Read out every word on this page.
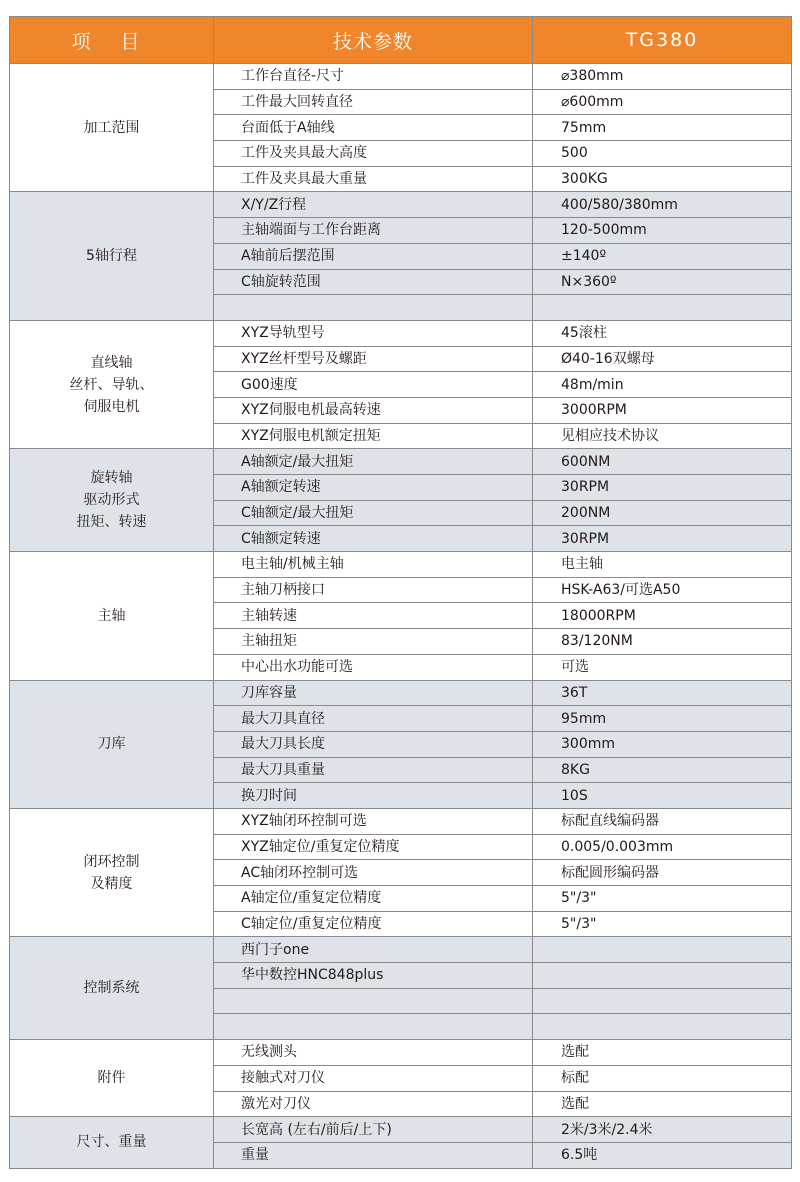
项 目	技术参数	TG380

加工范围	工作台直径-尺寸	⌀380mm
	工件最大回转直径	⌀600mm
	台面低于A轴线	75mm
	工件及夹具最大高度	500
	工件及夹具最大重量	300KG

5轴行程	X/Y/Z行程	400/580/380mm
	主轴端面与工作台距离	120-500mm
	A轴前后摆范围	±140º
	C轴旋转范围	N×360º

直线轴
丝杆、导轨、
伺服电机	XYZ导轨型号	45滚柱
	XYZ丝杆型号及螺距	Ø40-16双螺母
	G00速度	48m/min
	XYZ伺服电机最高转速	3000RPM
	XYZ伺服电机额定扭矩	见相应技术协议

旋转轴
驱动形式
扭矩、转速	A轴额定/最大扭矩	600NM
	A轴额定转速	30RPM
	C轴额定/最大扭矩	200NM
	C轴额定转速	30RPM

主轴	电主轴/机械主轴	电主轴
	主轴刀柄接口	HSK-A63/可选A50
	主轴转速	18000RPM
	主轴扭矩	83/120NM
	中心出水功能可选	可选

刀库	刀库容量	36T
	最大刀具直径	95mm
	最大刀具长度	300mm
	最大刀具重量	8KG
	换刀时间	10S

闭环控制
及精度	XYZ轴闭环控制可选	标配直线编码器
	XYZ轴定位/重复定位精度	0.005/0.003mm
	AC轴闭环控制可选	标配圆形编码器
	A轴定位/重复定位精度	5"/3"
	C轴定位/重复定位精度	5"/3"

控制系统	西门子one	
	华中数控HNC848plus	

附件	无线测头	选配
	接触式对刀仪	标配
	激光对刀仪	选配

尺寸、重量	长宽高 (左右/前后/上下)	2米/3米/2.4米
	重量	6.5吨
